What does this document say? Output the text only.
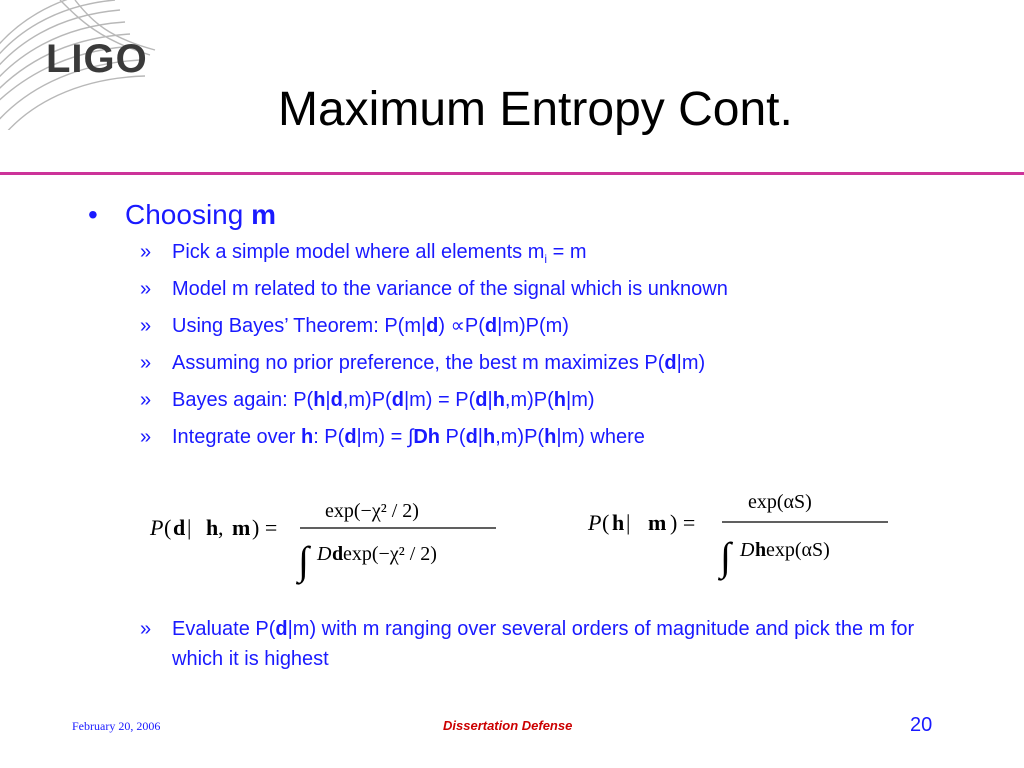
LIGO
Maximum Entropy Cont.
• Choosing m
» Pick a simple model where all elements $m_i = m$
» Model m related to the variance of the signal which is unknown
» Using Bayes’ Theorem: P(m|d) ∝P(d|m)P(m)
» Assuming no prior preference, the best m maximizes P(d|m)
» Bayes again: P(h|d,m)P(d|m) = P(d|h,m)P(h|m)
» Integrate over h: P(d|m) = ∫Dh P(d|h,m)P(h|m) where
P ( d | h , m ) =
exp(−χ² / 2)
∫ D d exp(−χ² / 2)
P ( h | m ) =
exp(αS)
∫ D h exp(αS)
» Evaluate P(d|m) with m ranging over several orders of magnitude and pick the m for which it is highest
February 20, 2006	Dissertation Defense	20
